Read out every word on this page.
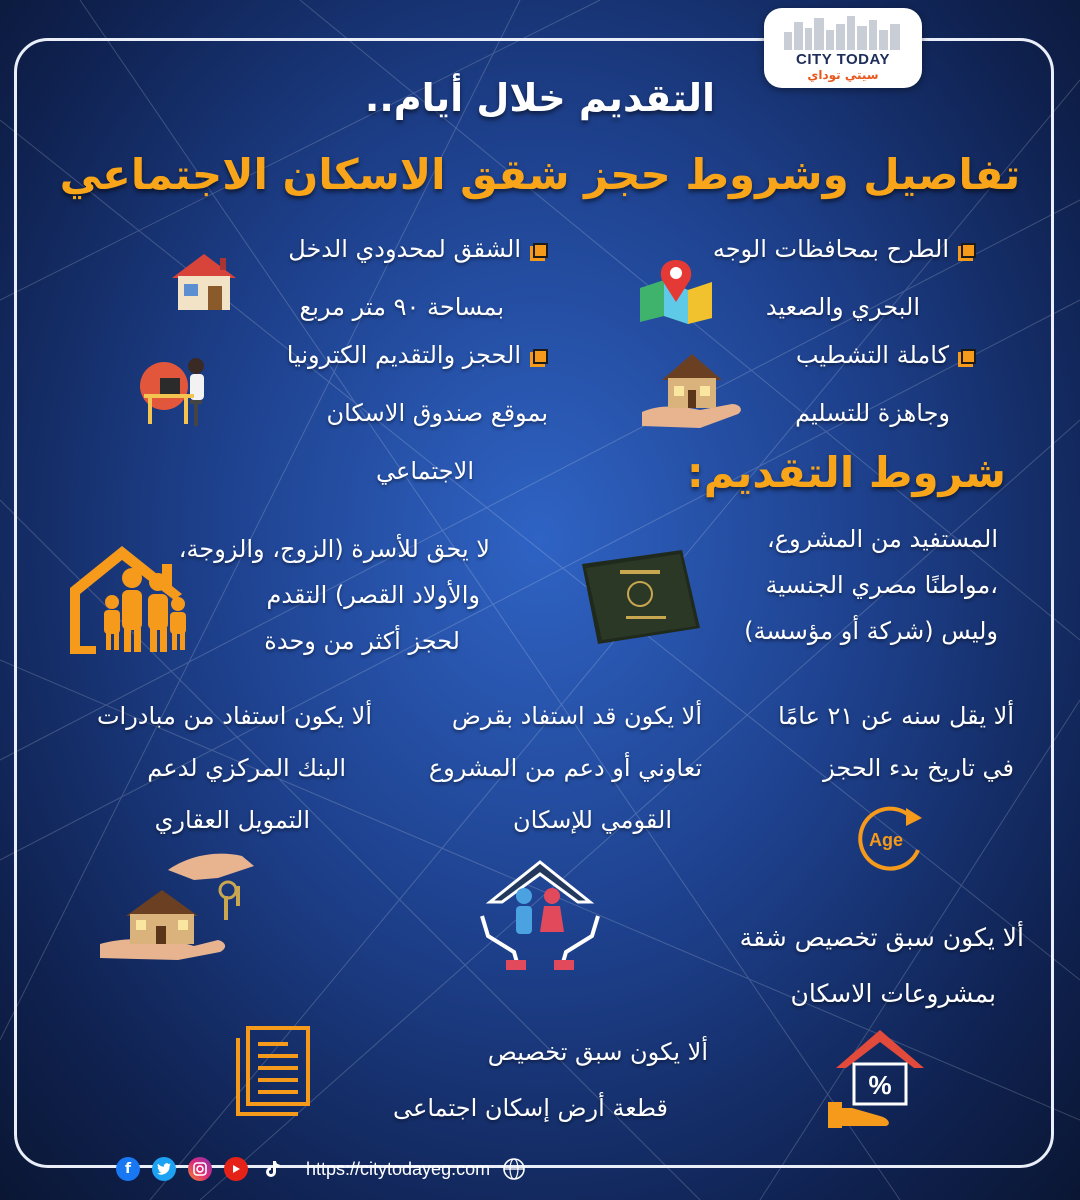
CITY TODAY
سيتي توداي
التقديم خلال أيام..
تفاصيل وشروط حجز شقق الاسكان الاجتماعي
الطرح بمحافظات الوجه
البحري والصعيد
الشقق لمحدودي الدخل
بمساحة ٩٠ متر مربع
كاملة التشطيب
وجاهزة للتسليم
الحجز والتقديم الكترونيا
بموقع صندوق الاسكان
الاجتماعي	شروط التقديم:
المستفيد من المشروع،
،مواطنًا مصري الجنسية
وليس (شركة أو مؤسسة)
لا يحق للأسرة (الزوج، والزوجة،
والأولاد القصر) التقدم
لحجز أكثر من وحدة
ألا يقل سنه عن ٢١ عامًا
في تاريخ بدء الحجز
Age
ألا يكون قد استفاد بقرض
تعاوني أو دعم من المشروع
القومي للإسكان
ألا يكون استفاد من مبادرات
البنك المركزي لدعم
التمويل العقاري
ألا يكون سبق تخصيص شقة
بمشروعات الاسكان
%
ألا يكون سبق تخصيص
قطعة أرض إسكان اجتماعى
f	https://citytodayeg.com
